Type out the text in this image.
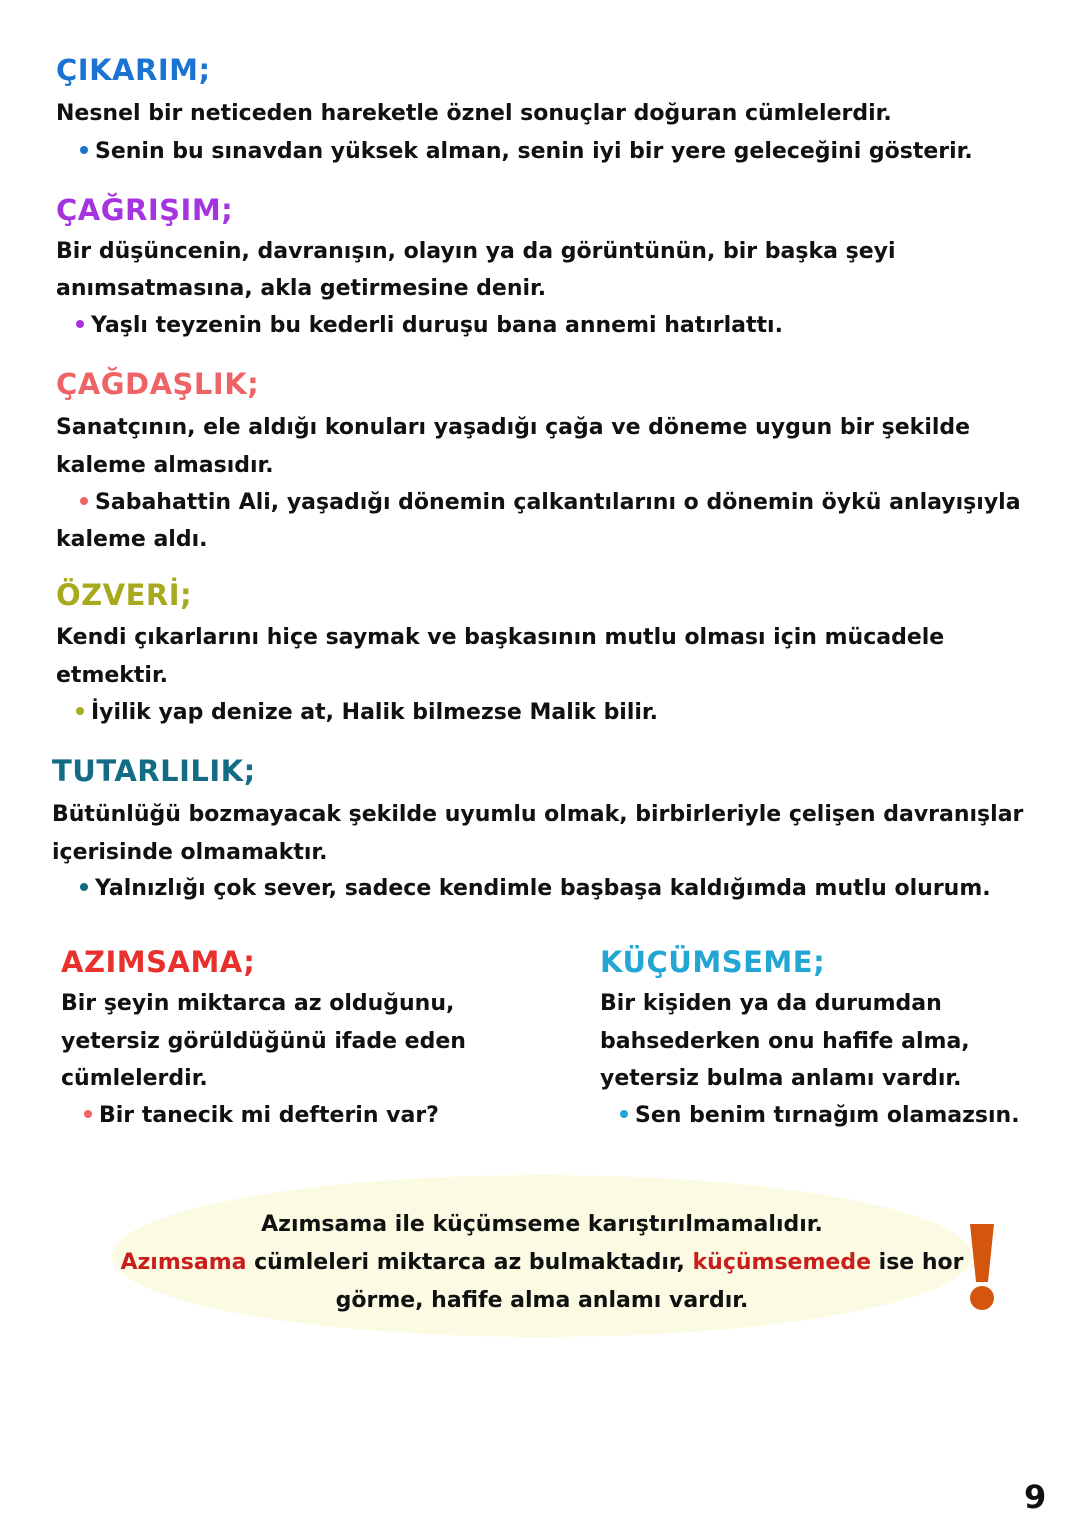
ÇIKARIM;
Nesnel bir neticeden hareketle öznel sonuçlar doğuran cümlelerdir.
Senin bu sınavdan yüksek alman, senin iyi bir yere geleceğini gösterir.
ÇAĞRIŞIM;
Bir düşüncenin, davranışın, olayın ya da görüntünün, bir başka şeyi
anımsatmasına, akla getirmesine denir.
Yaşlı teyzenin bu kederli duruşu bana annemi hatırlattı.
ÇAĞDAŞLIK;
Sanatçının, ele aldığı konuları yaşadığı çağa ve döneme uygun bir şekilde
kaleme almasıdır.
Sabahattin Ali, yaşadığı dönemin çalkantılarını o dönemin öykü anlayışıyla
kaleme aldı.
ÖZVERİ;
Kendi çıkarlarını hiçe saymak ve başkasının mutlu olması için mücadele
etmektir.
İyilik yap denize at, Halik bilmezse Malik bilir.
TUTARLILIK;
Bütünlüğü bozmayacak şekilde uyumlu olmak, birbirleriyle çelişen davranışlar
içerisinde olmamaktır.
Yalnızlığı çok sever, sadece kendimle başbaşa kaldığımda mutlu olurum.
AZIMSAMA;
Bir şeyin miktarca az olduğunu,
yetersiz görüldüğünü ifade eden
cümlelerdir.
Bir tanecik mi defterin var?
KÜÇÜMSEME;
Bir kişiden ya da durumdan
bahsederken onu hafife alma,
yetersiz bulma anlamı vardır.
Sen benim tırnağım olamazsın.
Azımsama ile küçümseme karıştırılmamalıdır.
Azımsama cümleleri miktarca az bulmaktadır, küçümsemede ise hor
görme, hafife alma anlamı vardır.
9
